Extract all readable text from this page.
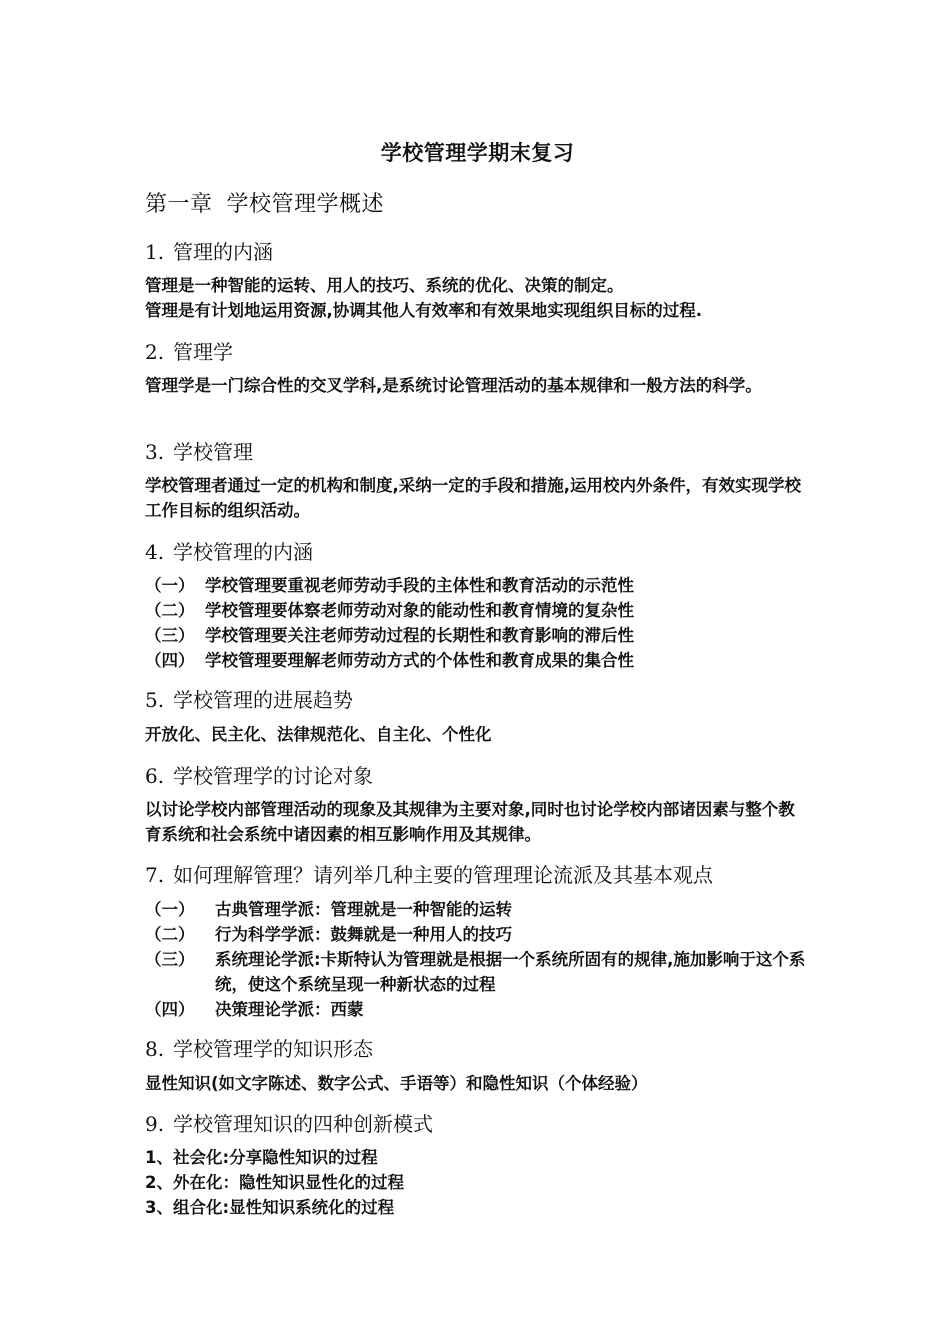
学校管理学期末复习
第一章 学校管理学概述
1. 管理的内涵
管理是一种智能的运转、用人的技巧、系统的优化、决策的制定。
管理是有计划地运用资源,协调其他人有效率和有效果地实现组织目标的过程.
2. 管理学
管理学是一门综合性的交叉学科,是系统讨论管理活动的基本规律和一般方法的科学。
3. 学校管理
学校管理者通过一定的机构和制度,采纳一定的手段和措施,运用校内外条件，有效实现学校工作目标的组织活动。
4. 学校管理的内涵
（一） 学校管理要重视老师劳动手段的主体性和教育活动的示范性
（二） 学校管理要体察老师劳动对象的能动性和教育情境的复杂性
（三） 学校管理要关注老师劳动过程的长期性和教育影响的滞后性
（四） 学校管理要理解老师劳动方式的个体性和教育成果的集合性
5. 学校管理的进展趋势
开放化、民主化、法律规范化、自主化、个性化
6. 学校管理学的讨论对象
以讨论学校内部管理活动的现象及其规律为主要对象,同时也讨论学校内部诸因素与整个教育系统和社会系统中诸因素的相互影响作用及其规律。
7. 如何理解管理？请列举几种主要的管理理论流派及其基本观点
（一）	古典管理学派：管理就是一种智能的运转
（二）	行为科学学派：鼓舞就是一种用人的技巧
（三）	系统理论学派:卡斯特认为管理就是根据一个系统所固有的规律,施加影响于这个系统，使这个系统呈现一种新状态的过程
（四）	决策理论学派：西蒙
8. 学校管理学的知识形态
显性知识(如文字陈述、数字公式、手语等）和隐性知识（个体经验）
9. 学校管理知识的四种创新模式
1、 社会化:分享隐性知识的过程
2、 外在化：隐性知识显性化的过程
3、 组合化:显性知识系统化的过程
